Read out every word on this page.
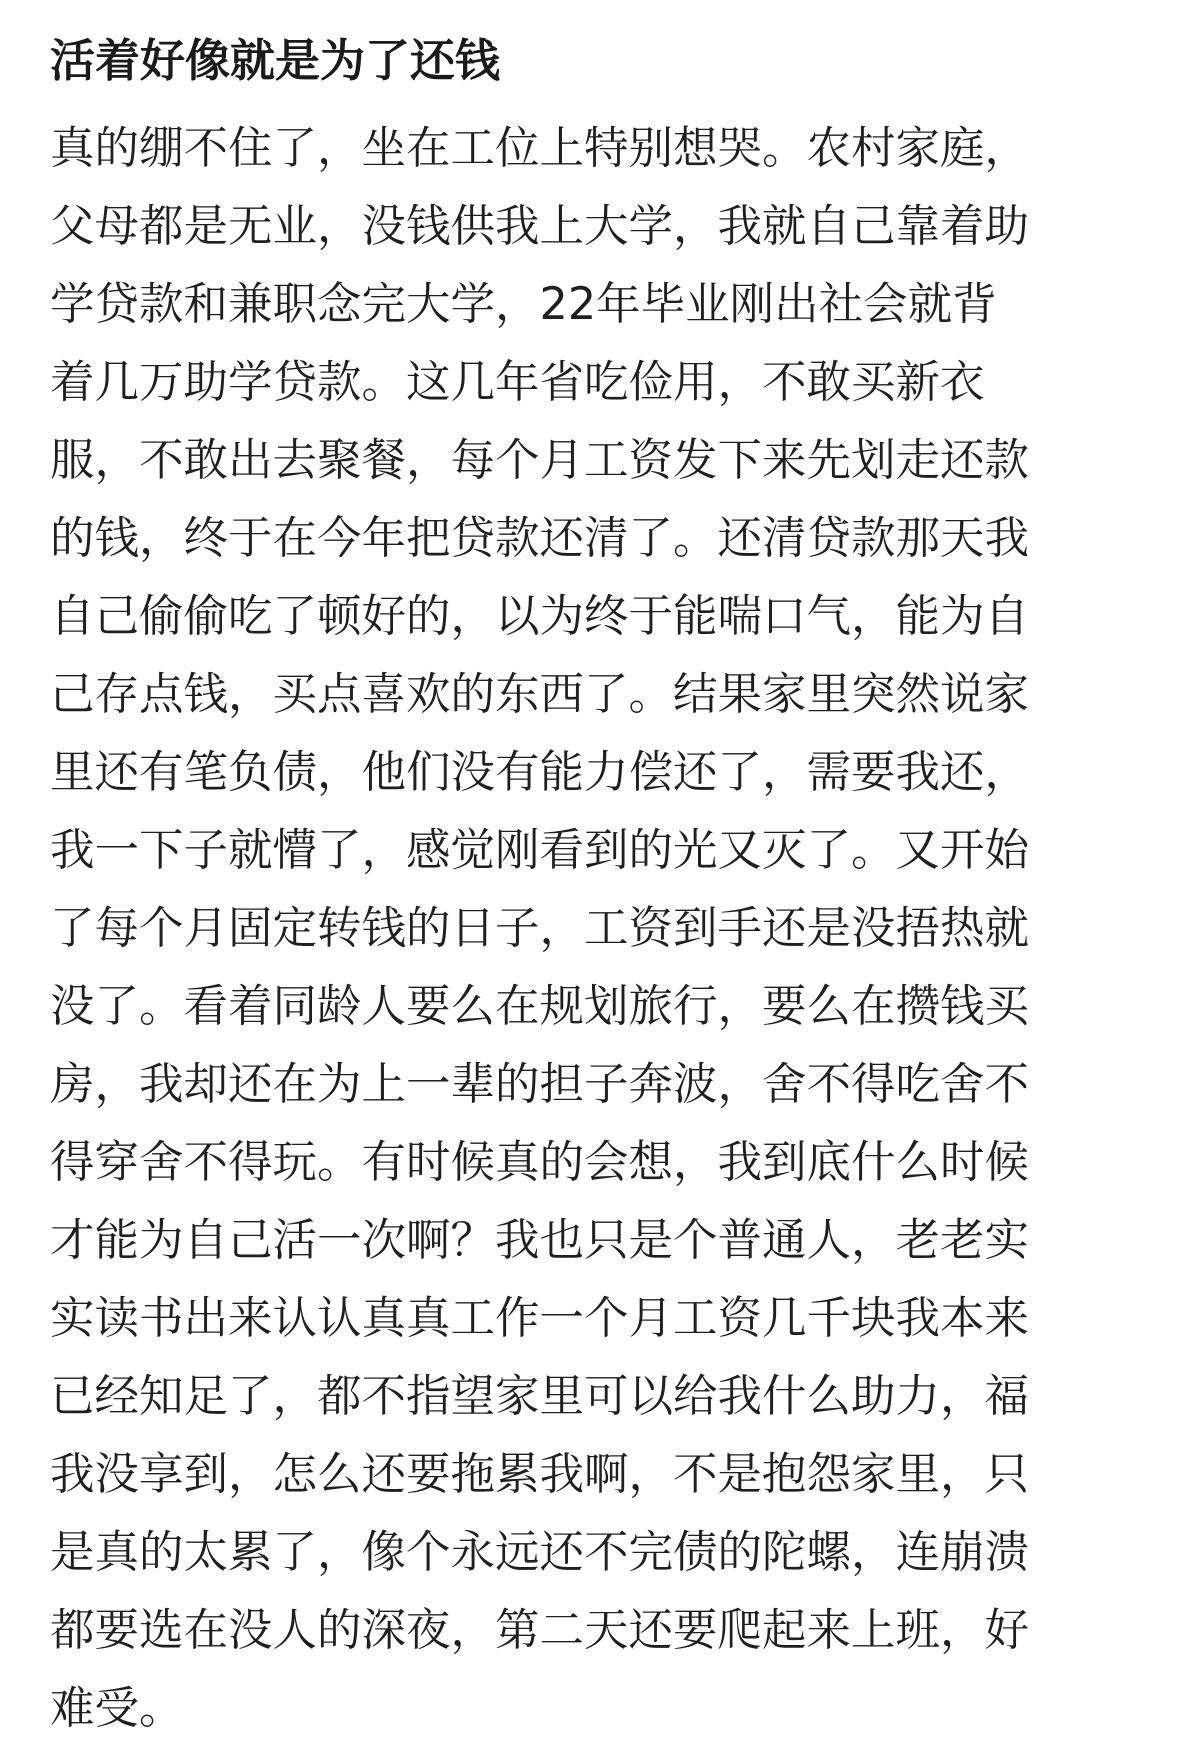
活着好像就是为了还钱
真的绷不住了，坐在工位上特别想哭。农村家庭，
父母都是无业，没钱供我上大学，我就自己靠着助
学贷款和兼职念完大学，22年毕业刚出社会就背
着几万助学贷款。这几年省吃俭用，不敢买新衣
服，不敢出去聚餐，每个月工资发下来先划走还款
的钱，终于在今年把贷款还清了。还清贷款那天我
自己偷偷吃了顿好的，以为终于能喘口气，能为自
己存点钱，买点喜欢的东西了。结果家里突然说家
里还有笔负债，他们没有能力偿还了，需要我还，
我一下子就懵了，感觉刚看到的光又灭了。又开始
了每个月固定转钱的日子，工资到手还是没捂热就
没了。看着同龄人要么在规划旅行，要么在攒钱买
房，我却还在为上一辈的担子奔波，舍不得吃舍不
得穿舍不得玩。有时候真的会想，我到底什么时候
才能为自己活一次啊？我也只是个普通人，老老实
实读书出来认认真真工作一个月工资几千块我本来
已经知足了，都不指望家里可以给我什么助力，福
我没享到，怎么还要拖累我啊，不是抱怨家里，只
是真的太累了，像个永远还不完债的陀螺，连崩溃
都要选在没人的深夜，第二天还要爬起来上班，好
难受。
